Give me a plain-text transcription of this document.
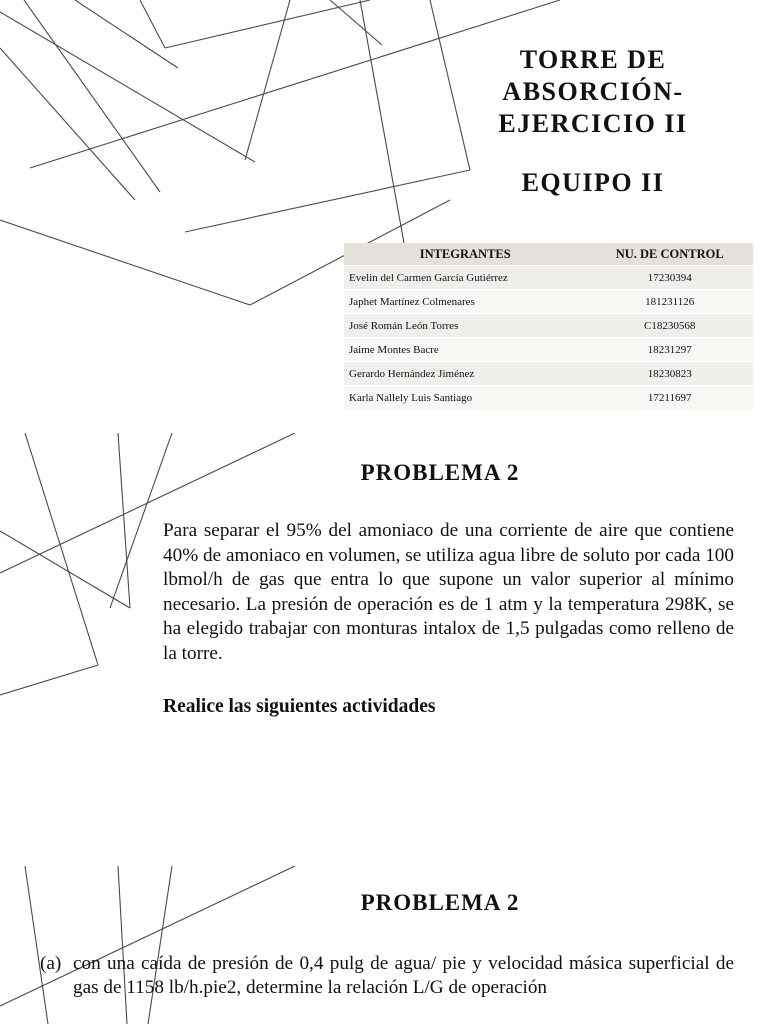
TORRE DE
ABSORCIÓN-
EJERCICIO II
EQUIPO II
INTEGRANTES	NU. DE CONTROL
Evelin del Carmen García Gutiérrez	17230394
Japhet Martínez Colmenares	181231126
José Román León Torres	C18230568
Jaime Montes Bacre	18231297
Gerardo Hernández Jiménez	18230823
Karla Nallely Luis Santiago	17211697
PROBLEMA 2
Para separar el 95% del amoniaco de una corriente de aire que contiene 40% de amoniaco en volumen, se utiliza agua libre de soluto por cada 100 lbmol/h de gas que entra lo que supone un valor superior al mínimo necesario. La presión de operación es de 1 atm y la temperatura 298K, se ha elegido trabajar con monturas intalox de 1,5 pulgadas como relleno de la torre.
Realice las siguientes actividades
PROBLEMA 2
(a) con una caída de presión de 0,4 pulg de agua/ pie y velocidad másica superficial de gas de 1158 lb/h.pie2, determine la relación L/G de operación
